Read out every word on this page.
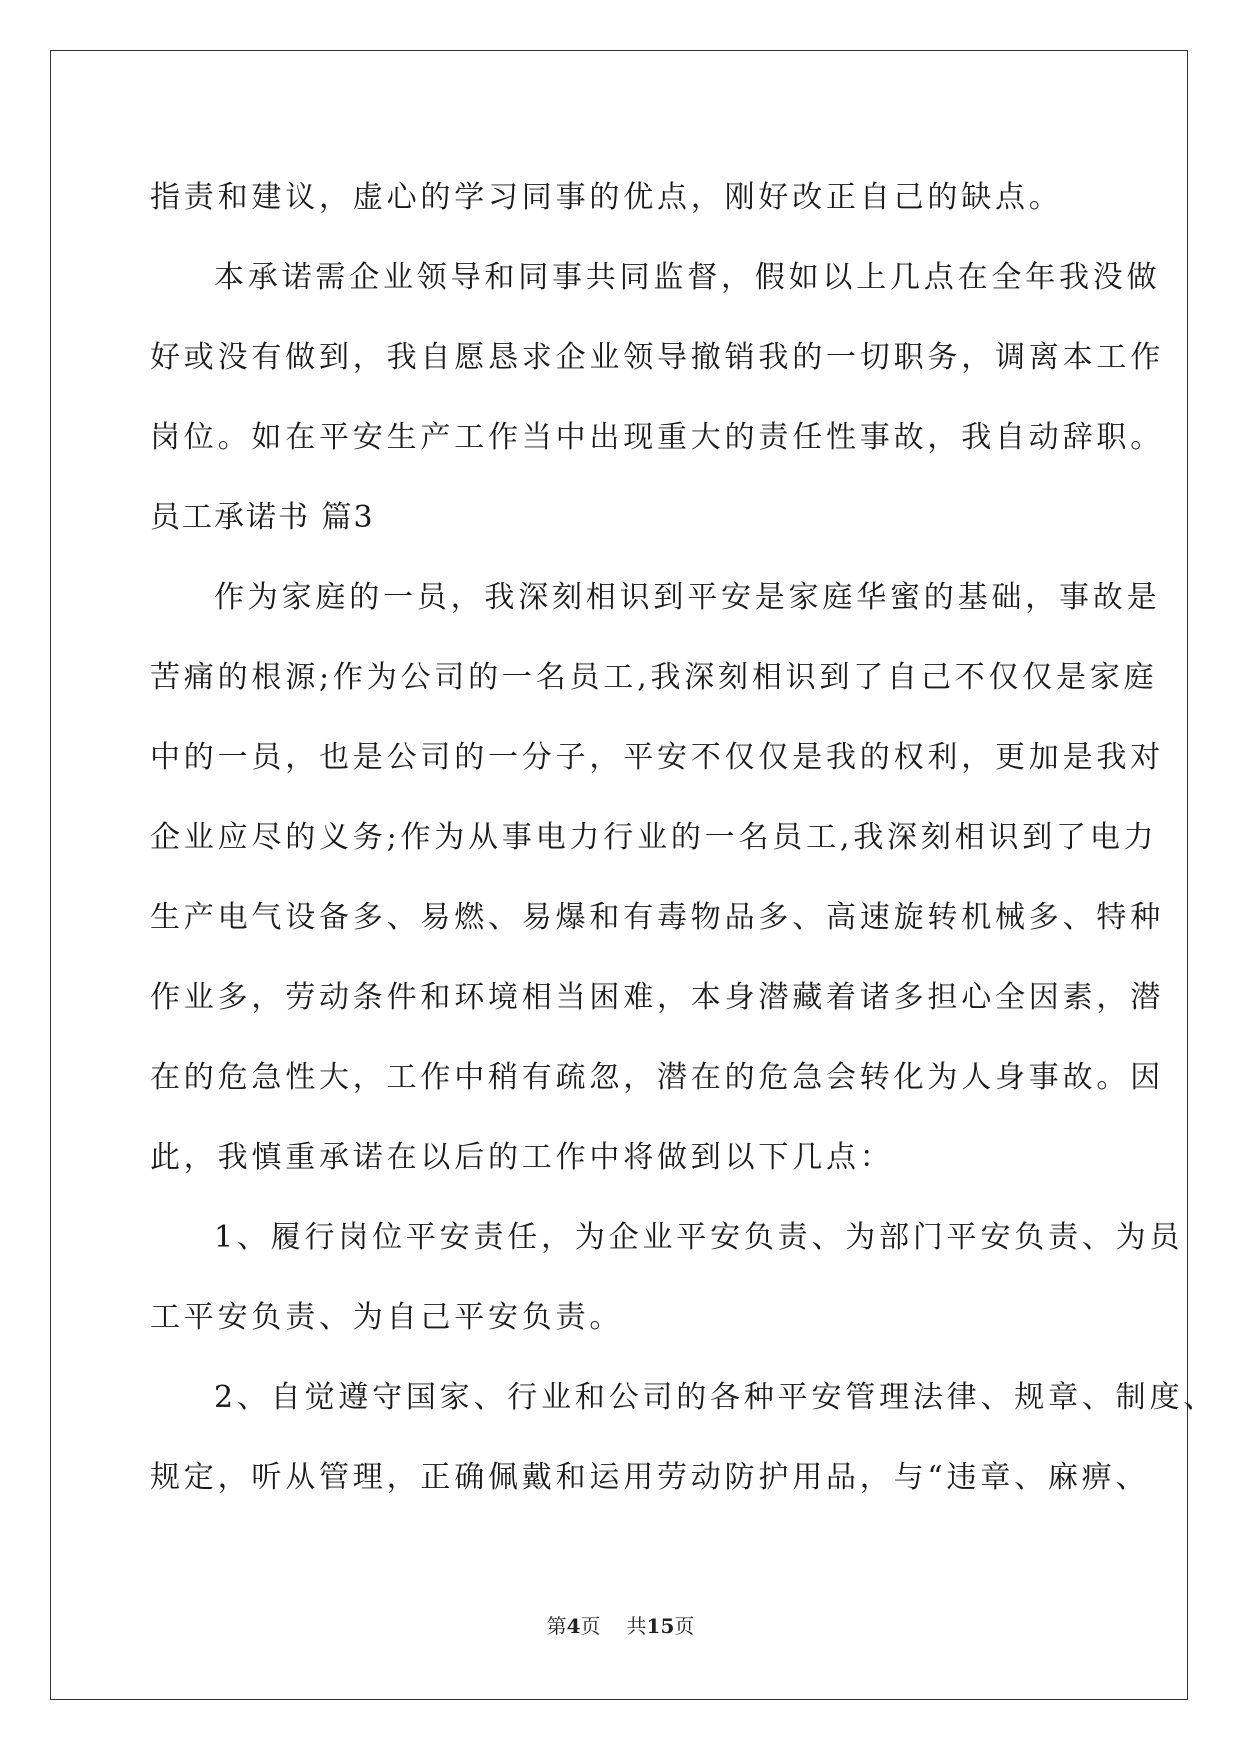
指责和建议，虚心的学习同事的优点，刚好改正自己的缺点。
本承诺需企业领导和同事共同监督，假如以上几点在全年我没做
好或没有做到，我自愿恳求企业领导撤销我的一切职务，调离本工作
岗位。如在平安生产工作当中出现重大的责任性事故，我自动辞职。
员工承诺书 篇3
作为家庭的一员，我深刻相识到平安是家庭华蜜的基础，事故是
苦痛的根源;作为公司的一名员工,我深刻相识到了自己不仅仅是家庭
中的一员，也是公司的一分子，平安不仅仅是我的权利，更加是我对
企业应尽的义务;作为从事电力行业的一名员工,我深刻相识到了电力
生产电气设备多、易燃、易爆和有毒物品多、高速旋转机械多、特种
作业多，劳动条件和环境相当困难，本身潜藏着诸多担心全因素，潜
在的危急性大，工作中稍有疏忽，潜在的危急会转化为人身事故。因
此，我慎重承诺在以后的工作中将做到以下几点：
1、履行岗位平安责任，为企业平安负责、为部门平安负责、为员
工平安负责、为自己平安负责。
2、自觉遵守国家、行业和公司的各种平安管理法律、规章、制度、
规定，听从管理，正确佩戴和运用劳动防护用品，与“违章、麻痹、
第4页 共15页
